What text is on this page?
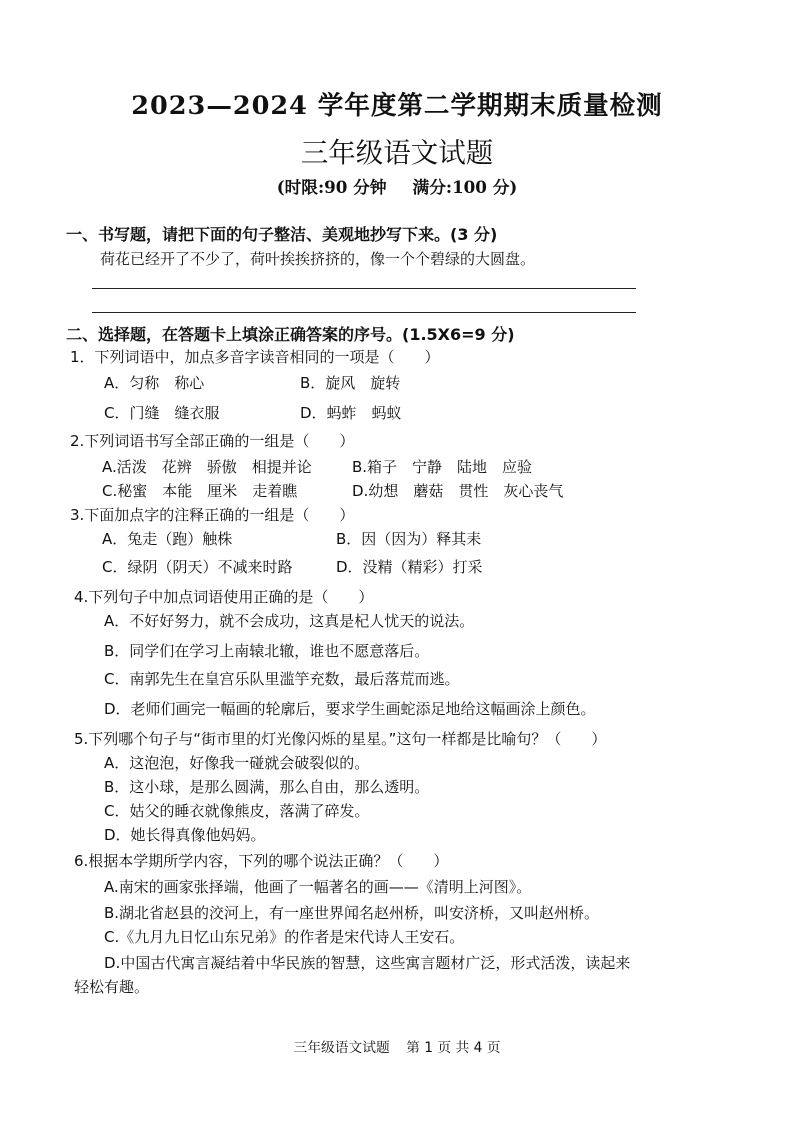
2023—2024 学年度第二学期期末质量检测
三年级语文试题
(时限:90 分钟 满分:100 分)
一、书写题，请把下面的句子整洁、美观地抄写下来。(3 分)
荷花已经开了不少了，荷叶挨挨挤挤的，像一个个碧绿的大圆盘。
二、选择题，在答题卡上填涂正确答案的序号。(1.5X6=9 分)
1．下列词语中，加点多音字读音相同的一项是（　　）
A．匀称　称心	B．旋风　旋转
C．门缝　缝衣服	D．蚂蚱　蚂蚁
2.下列词语书写全部正确的一组是（　　）
A.活泼　花辨　骄傲　相提并论	B.箱子　宁静　陆地　应验
C.秘蜜　本能　厘米　走着瞧	D.幼想　蘑菇　贯性　灰心丧气
3.下面加点字的注释正确的一组是（　　）
A．兔走（跑）触株	B．因（因为）释其耒
C．绿阴（阴天）不减来时路	D．没精（精彩）打采
4.下列句子中加点词语使用正确的是（　　）
A．不好好努力，就不会成功，这真是杞人忧天的说法。
B．同学们在学习上南辕北辙，谁也不愿意落后。
C．南郭先生在皇宫乐队里滥竽充数，最后落荒而逃。
D．老师们画完一幅画的轮廓后，要求学生画蛇添足地给这幅画涂上颜色。
5.下列哪个句子与“街市里的灯光像闪烁的星星。”这句一样都是比喻句？（　　）
A．这泡泡，好像我一碰就会破裂似的。
B．这小球，是那么圆满，那么自由，那么透明。
C．姑父的睡衣就像熊皮，落满了碎发。
D．她长得真像他妈妈。
6.根据本学期所学内容，下列的哪个说法正确？（　　）
A.南宋的画家张择端，他画了一幅著名的画——《清明上河图》。
B.湖北省赵县的洨河上，有一座世界闻名赵州桥，叫安济桥，又叫赵州桥。
C.《九月九日忆山东兄弟》的作者是宋代诗人王安石。
D.中国古代寓言凝结着中华民族的智慧，这些寓言题材广泛，形式活泼，读起来
轻松有趣。
三年级语文试题 第 1 页 共 4 页
